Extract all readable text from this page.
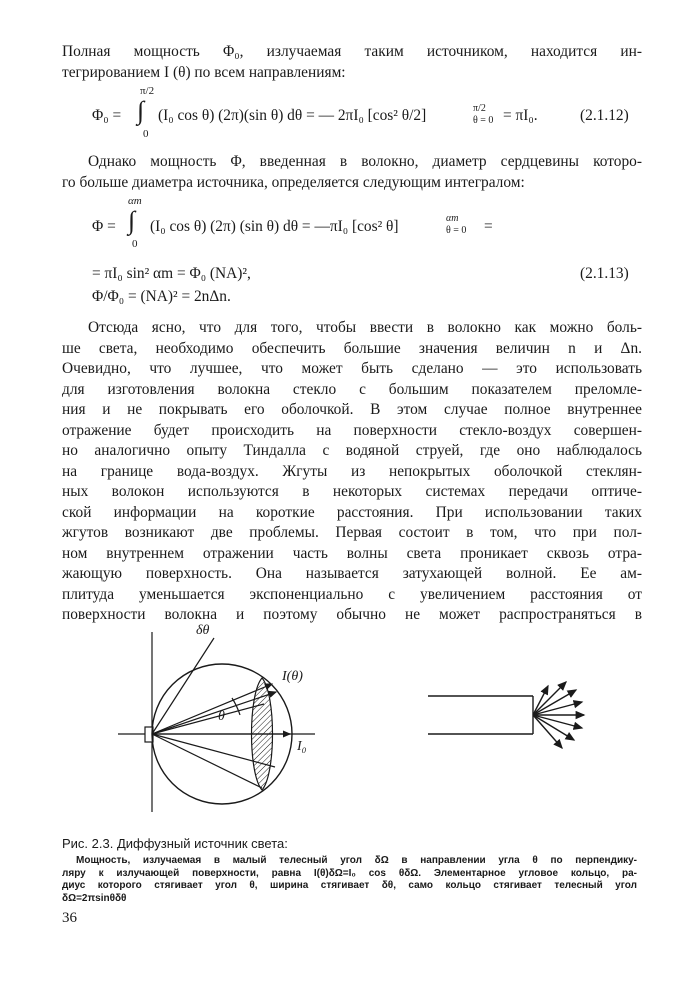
Полная мощность Φ₀, излучаемая таким источником, находится ин-
тегрированием I (θ) по всем направлениям:
Φ₀ = ∫
π/2
0
(I₀ cos θ) (2π)(sin θ) dθ = — 2πI₀ [cos² θ/2]	π/2
θ = 0 = πI₀.	(2.1.12)
Однако мощность Φ, введенная в волокно, диаметр сердцевины которо-
го больше диаметра источника, определяется следующим интегралом:
Φ = ∫
αm
0
(I₀ cos θ) (2π) (sin θ) dθ = —πI₀ [cos² θ]	αm
θ = 0 =
= πI₀ sin² αm = Φ₀ (NA)²,	(2.1.13)
Φ/Φ₀ = (NA)² = 2nΔn.
Отсюда ясно, что для того, чтобы ввести в волокно как можно боль-
ше света, необходимо обеспечить большие значения величин n и Δn.
Очевидно, что лучшее, что может быть сделано — это использовать
для изготовления волокна стекло с большим показателем преломле-
ния и не покрывать его оболочкой. В этом случае полное внутреннее
отражение будет происходить на поверхности стекло-воздух совершен-
но аналогично опыту Тиндалла с водяной струей, где оно наблюдалось
на границе вода-воздух. Жгуты из непокрытых оболочкой стеклян-
ных волокон используются в некоторых системах передачи оптиче-
ской информации на короткие расстояния. При использовании таких
жгутов возникают две проблемы. Первая состоит в том, что при пол-
ном внутреннем отражении часть волны света проникает сквозь отра-
жающую поверхность. Она называется затухающей волной. Ее ам-
плитуда уменьшается экспоненциально с увеличением расстояния от
поверхности волокна и поэтому обычно не может распространяться в
δθ
I(θ)
θ
I₀
Рис. 2.3. Диффузный источник света:
Мощность, излучаемая в малый телесный угол δΩ в направлении угла θ по перпендику-
ляру к излучающей поверхности, равна I(θ)δΩ=I₀ cos θδΩ. Элементарное угловое кольцо, ра-
диус которого стягивает угол θ, ширина стягивает δθ, само кольцо стягивает телесный угол
δΩ=2πsinθδθ
36
